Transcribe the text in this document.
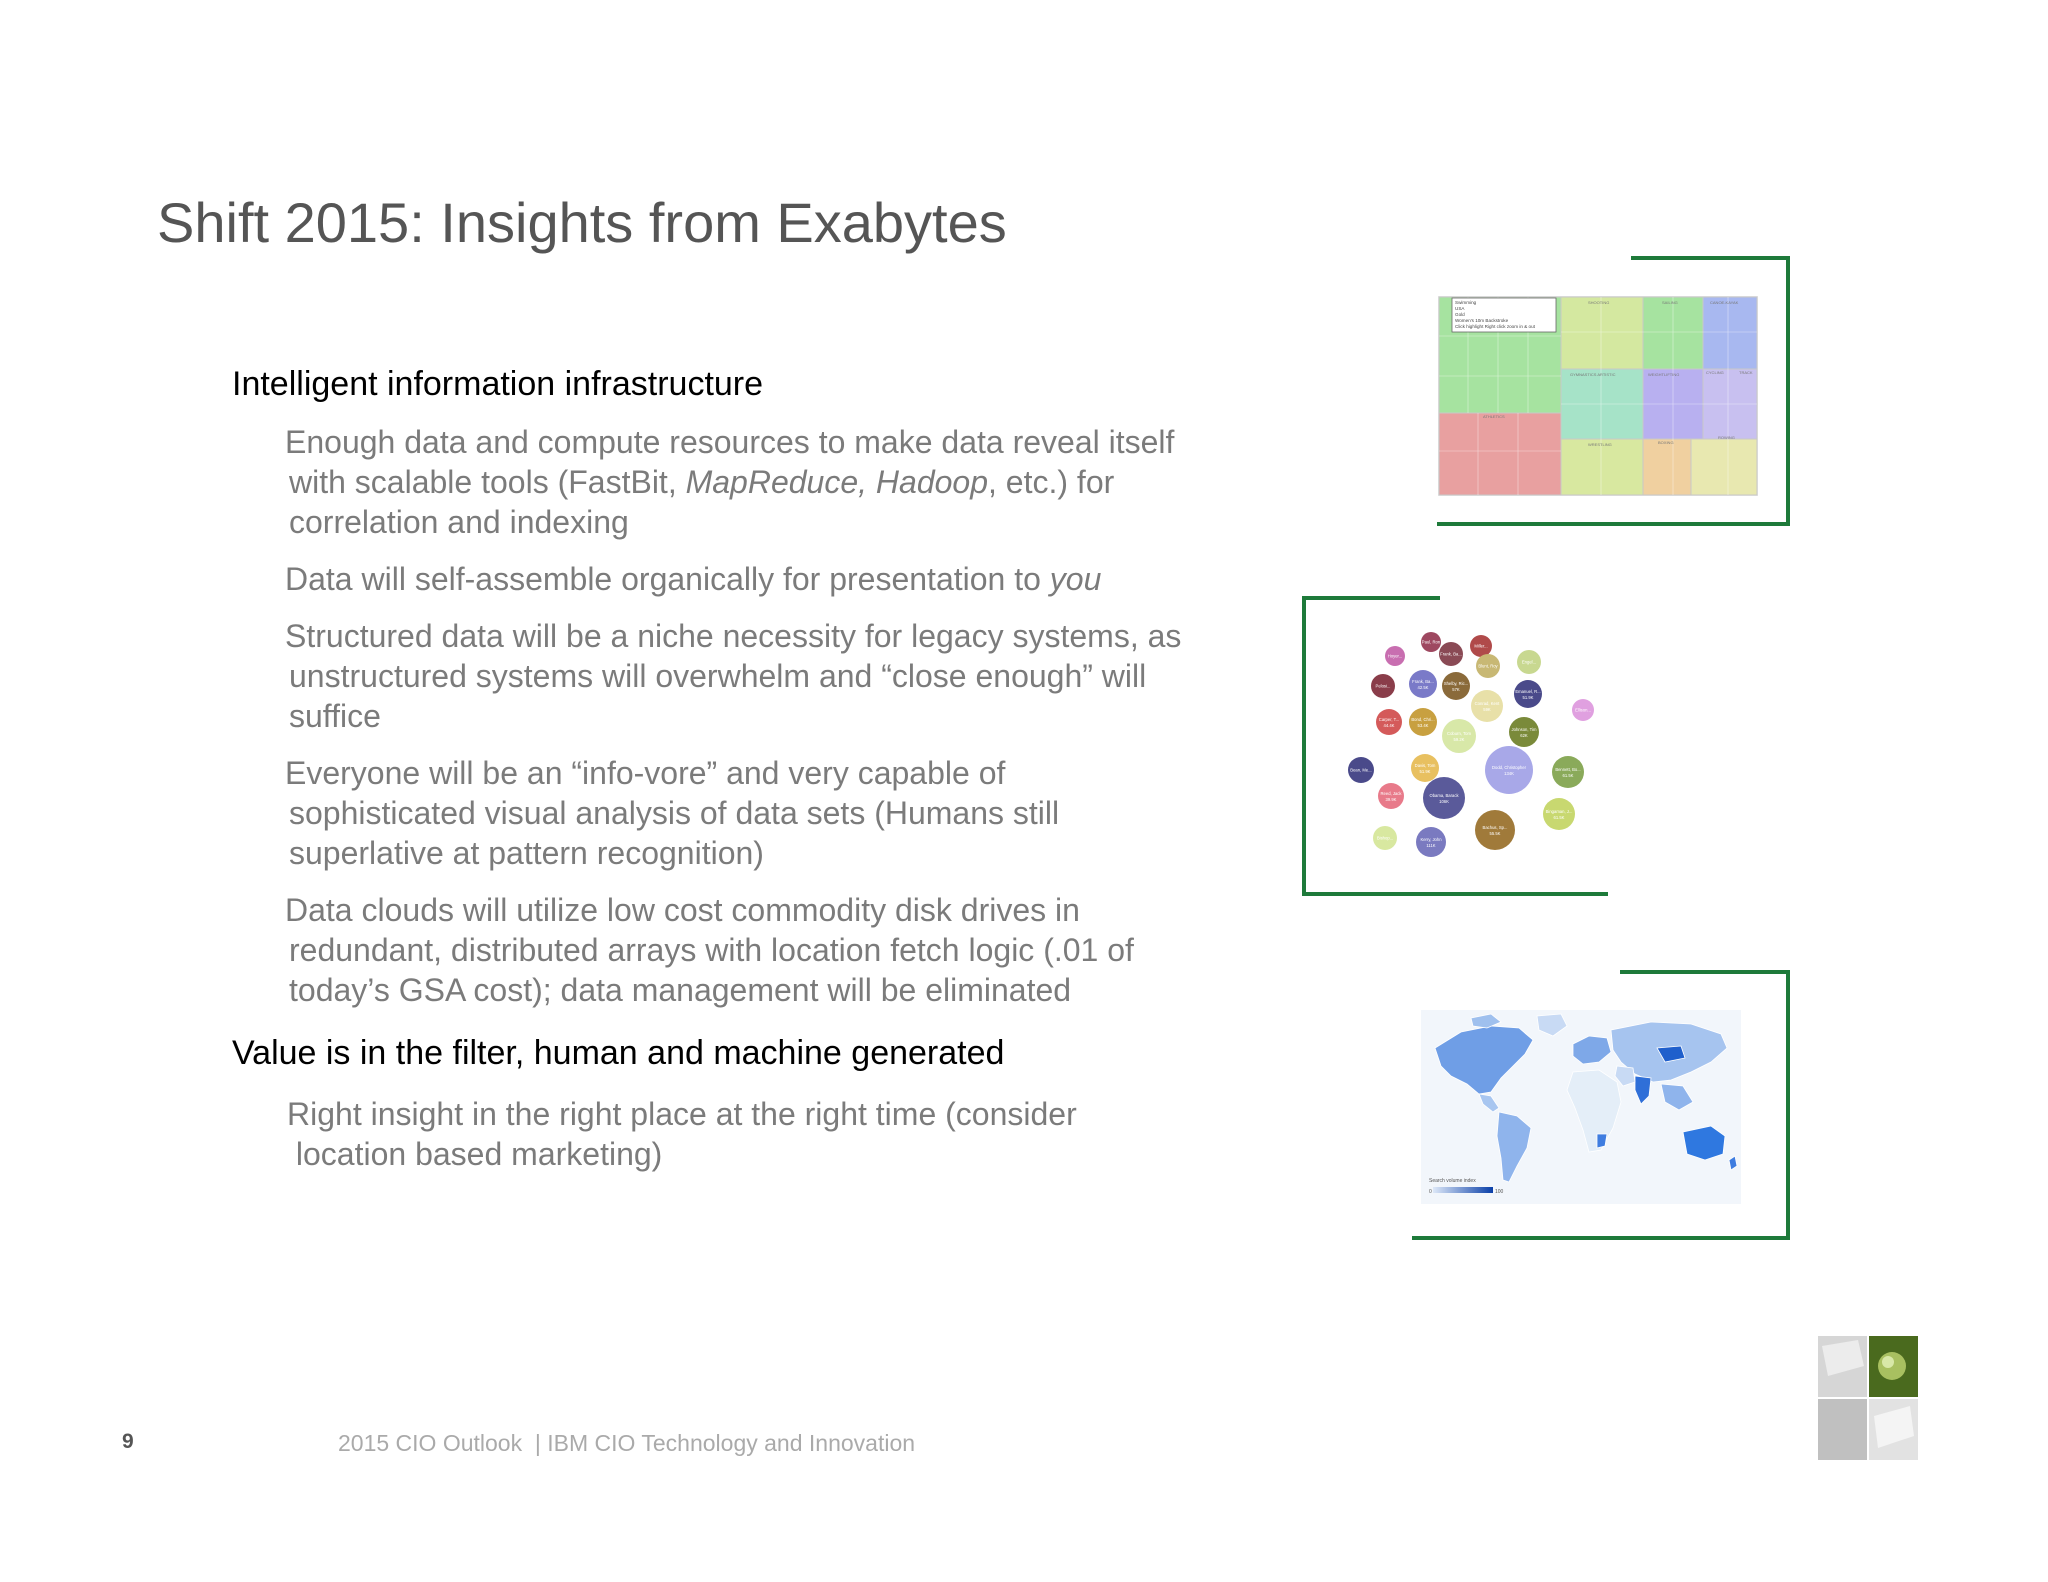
Shift 2015: Insights from Exabytes
Intelligent information infrastructure
Enough data and compute resources to make data reveal itself
with scalable tools (FastBit, MapReduce, Hadoop, etc.) for
correlation and indexing
Data will self-assemble organically for presentation to you
Structured data will be a niche necessity for legacy systems, as
unstructured systems will overwhelm and “close enough” will
suffice
Everyone will be an “info-vore” and very capable of
sophisticated visual analysis of data sets (Humans still
superlative at pattern recognition)
Data clouds will utilize low cost commodity disk drives in
redundant, distributed arrays with location fetch logic (.01 of
today’s GSA cost); data management will be eliminated
Value is in the filter, human and machine generated
Right insight in the right place at the right time (consider
location based marketing)
Swimming
USA
Gold
Women's 10m Backstroke
Click highlight Right click zoom in & out
SHOOTING	SAILING	CANOE-KAYAK
GYMNASTICS ARTISTIC	WEIGHTLIFTING	CYCLING	TRACK
ATHLETICS
WRESTLING	BOXING
ROWING
Paul, Ron
Frank, Ba...
Miller...
Hoyer...
Blunt, Roy
Engel...
Pelosi...
Frank, Ba...
42.5K
Shelby, Ric...
57K	Emanuel, R...
51.9K
Ellison...
Carper, T...
44.4K
Bond, Chri...
53.4K
Conrad, Kent
59K
Johnson, Tim
62K
Coburn, Tom
59.2K
Dodd, Christopher
134K
Bean, Me...
Davis, Tom
51.9K	Bennett, Bo...
61.5K
Reed, Jack
39.9K
Obama, Barack
106K
Bingaman, J...
61.5K
Bishop...	Kerry, John
111K
Bachus, Sp...
55.5K
Search volume index
0	100
9	2015 CIO Outlook  | IBM CIO Technology and Innovation
